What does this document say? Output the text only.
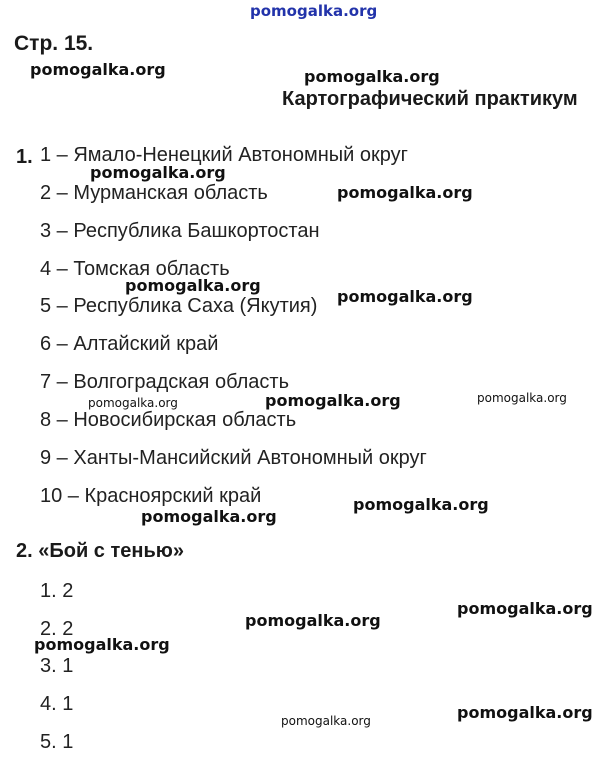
pomogalka.org
Стр. 15.
pomogalka.org	pomogalka.org
Картографический практикум
1. 1 – Ямало-Ненецкий Автономный округ
pomogalka.org
2 – Мурманская область	pomogalka.org
3 – Республика Башкортостан
4 – Томская область
pomogalka.org
5 – Республика Саха (Якутия) pomogalka.org
6 – Алтайский край
7 – Волгоградская область
pomogalka.org	pomogalka.org	pomogalka.org
8 – Новосибирская область
9 – Ханты-Мансийский Автономный округ
10 – Красноярский край	pomogalka.org
pomogalka.org
2. «Бой с тенью»
1. 2
pomogalka.org
pomogalka.org
2. 2
pomogalka.org
3. 1
4. 1	pomogalka.org
pomogalka.org
5. 1
